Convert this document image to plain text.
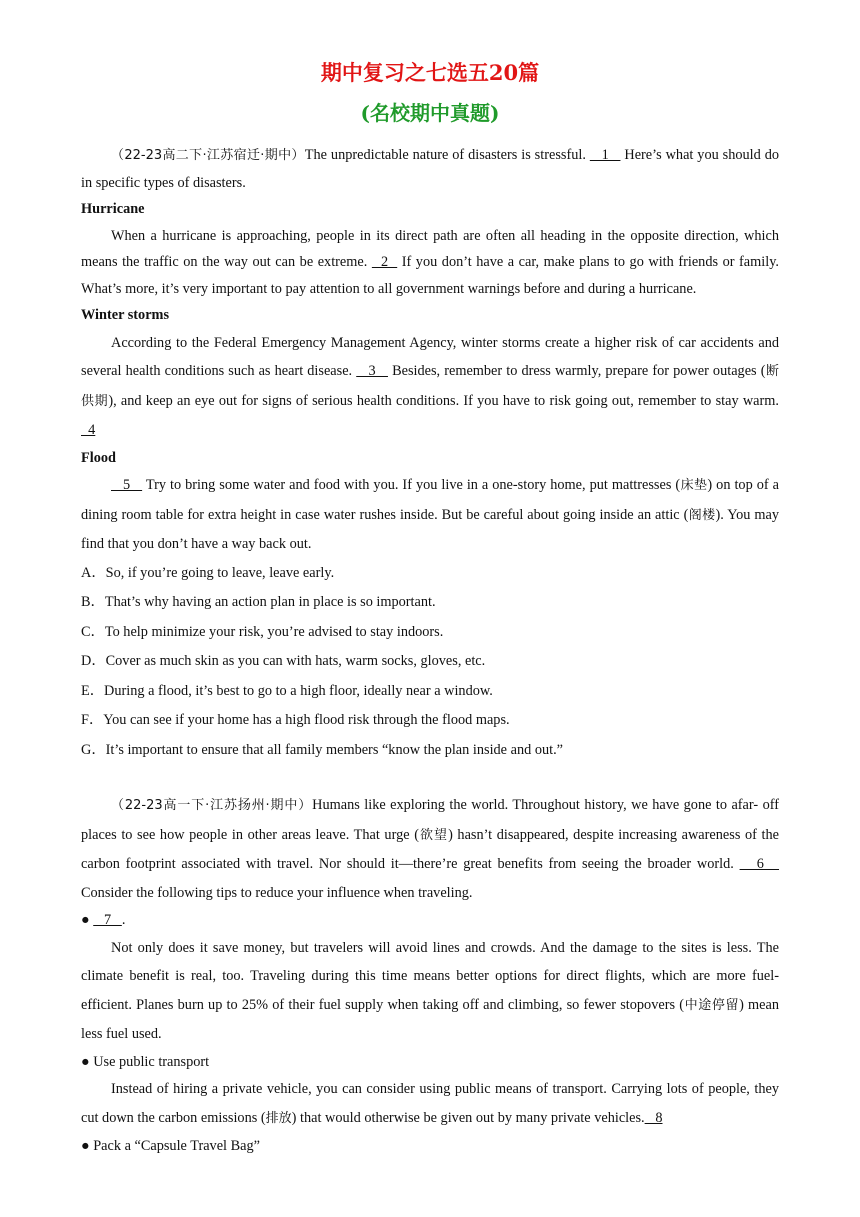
期中复习之七选五20篇
(名校期中真题)

（22-23高二下·江苏宿迁·期中）The unpredictable nature of disasters is stressful.    1    Here’s what you should do in specific types of disasters.

Hurricane

When a hurricane is approaching, people in its direct path are often all heading in the opposite direction, which means the traffic on the way out can be extreme.   2   If you don’t have a car, make plans to go with friends or family. What’s more, it’s very important to pay attention to all government warnings before and during a hurricane.

Winter storms

According to the Federal Emergency Management Agency, winter storms create a higher risk of car accidents and several health conditions such as heart disease.    3    Besides, remember to dress warmly, prepare for power outages (断供期), and keep an eye out for signs of serious health conditions. If you have to risk going out, remember to stay warm.   4

Flood

5    Try to bring some water and food with you. If you live in a one-story home, put mattresses (床垫) on top of a dining room table for extra height in case water rushes inside. But be careful about going inside an attic (阁楼). You may find that you don’t have a way back out.

A．So, if you’re going to leave, leave early.

B．That’s why having an action plan in place is so important.

C．To help minimize your risk, you’re advised to stay indoors.

D．Cover as much skin as you can with hats, warm socks, gloves, etc.

E．During a flood, it’s best to go to a high floor, ideally near a window.

F．You can see if your home has a high flood risk through the flood maps.

G．It’s important to ensure that all family members “know the plan inside and out.”

（22-23高一下·江苏扬州·期中）Humans like exploring the world. Throughout history, we have gone to afar- off places to see how people in other areas leave. That urge (欲望) hasn’t disappeared, despite increasing awareness of the carbon footprint associated with travel. Nor should it—there’re great benefits from seeing the broader world.    6    Consider the following tips to reduce your influence when traveling.

●    7   .

Not only does it save money, but travelers will avoid lines and crowds. And the damage to the sites is less. The climate benefit is real, too. Traveling during this time means better options for direct flights, which are more fuel-efficient. Planes burn up to 25% of their fuel supply when taking off and climbing, so fewer stopovers (中途停留) mean less fuel used.

● Use public transport

Instead of hiring a private vehicle, you can consider using public means of transport. Carrying lots of people, they cut down the carbon emissions (排放) that would otherwise be given out by many private vehicles.   8

● Pack a “Capsule Travel Bag”
